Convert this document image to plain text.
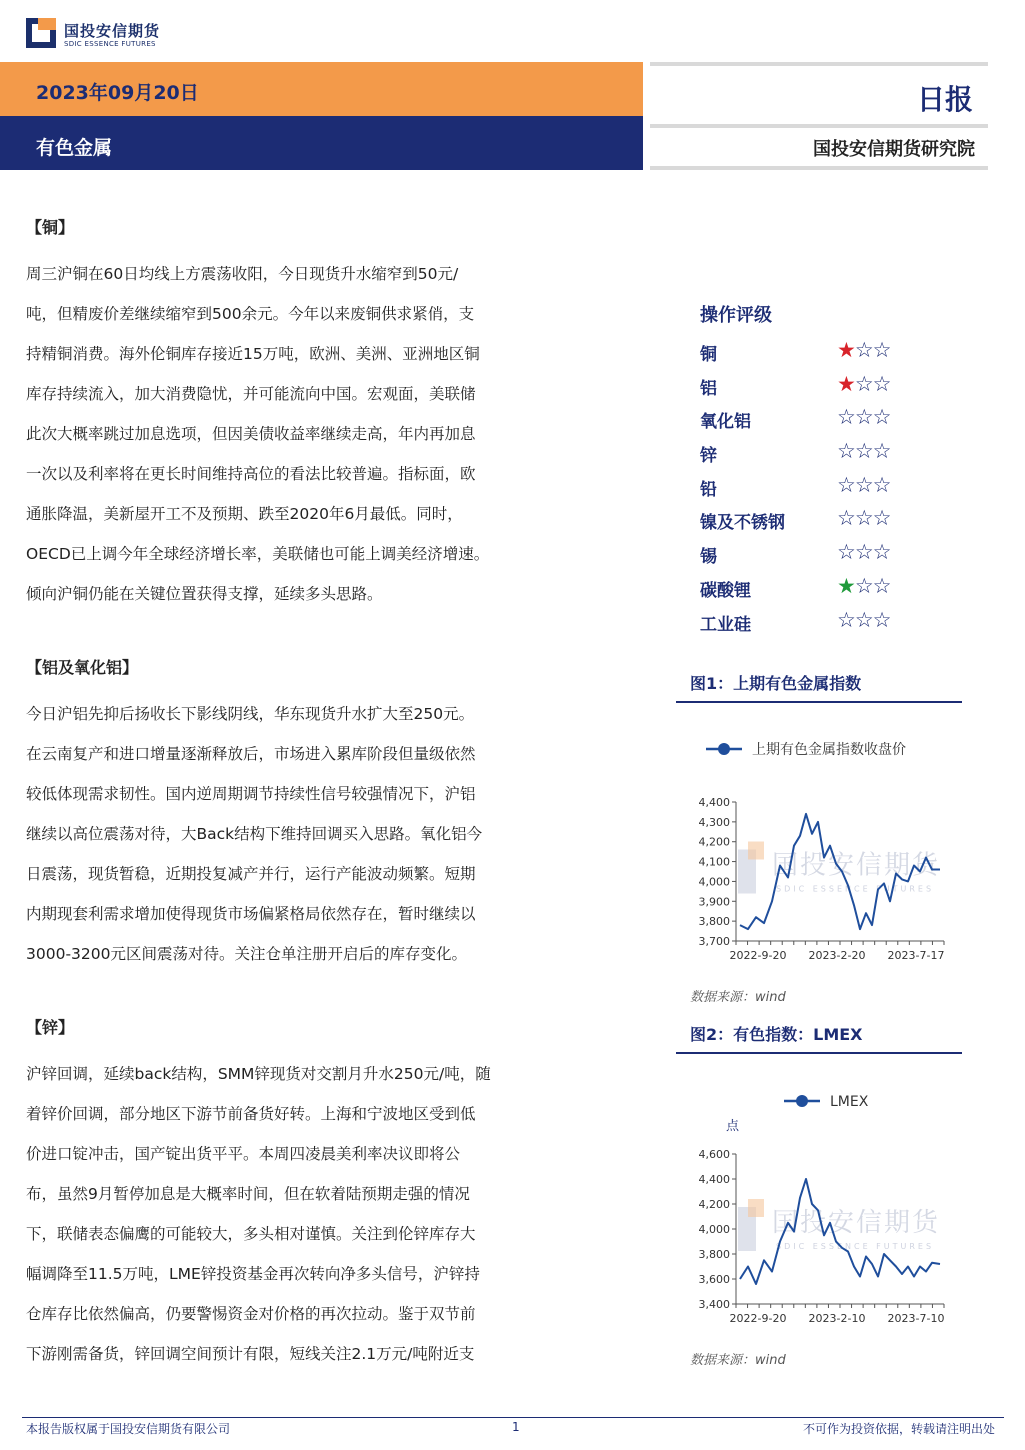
国投安信期货
SDIC ESSENCE FUTURES
2023年09月20日
有色金属
日报
国投安信期货研究院
【铜】
周三沪铜在60日均线上方震荡收阳，今日现货升水缩窄到50元/
吨，但精废价差继续缩窄到500余元。今年以来废铜供求紧俏，支
持精铜消费。海外伦铜库存接近15万吨，欧洲、美洲、亚洲地区铜
库存持续流入，加大消费隐忧，并可能流向中国。宏观面，美联储
此次大概率跳过加息选项，但因美债收益率继续走高，年内再加息
一次以及利率将在更长时间维持高位的看法比较普遍。指标面，欧
通胀降温，美新屋开工不及预期、跌至2020年6月最低。同时，
OECD已上调今年全球经济增长率，美联储也可能上调美经济增速。
倾向沪铜仍能在关键位置获得支撑，延续多头思路。
【铝及氧化铝】
今日沪铝先抑后扬收长下影线阴线，华东现货升水扩大至250元。
在云南复产和进口增量逐渐释放后，市场进入累库阶段但量级依然
较低体现需求韧性。国内逆周期调节持续性信号较强情况下，沪铝
继续以高位震荡对待，大Back结构下维持回调买入思路。氧化铝今
日震荡，现货暂稳，近期投复减产并行，运行产能波动频繁。短期
内期现套利需求增加使得现货市场偏紧格局依然存在，暂时继续以
3000-3200元区间震荡对待。关注仓单注册开启后的库存变化。
【锌】
沪锌回调，延续back结构，SMM锌现货对交割月升水250元/吨，随
着锌价回调，部分地区下游节前备货好转。上海和宁波地区受到低
价进口锭冲击，国产锭出货平平。本周四凌晨美利率决议即将公
布，虽然9月暂停加息是大概率时间，但在软着陆预期走强的情况
下，联储表态偏鹰的可能较大，多头相对谨慎。关注到伦锌库存大
幅调降至11.5万吨，LME锌投资基金再次转向净多头信号，沪锌持
仓库存比依然偏高，仍要警惕资金对价格的再次拉动。鉴于双节前
下游刚需备货，锌回调空间预计有限，短线关注2.1万元/吨附近支
操作评级
铜	★☆☆
铝	★☆☆
氧化铝	☆☆☆
锌	☆☆☆
铅	☆☆☆
镍及不锈钢 ☆☆☆
锡	☆☆☆
碳酸锂	★☆☆
工业硅	☆☆☆
图1：上期有色金属指数
上期有色金属指数收盘价
国投安信期货
SDIC ESSENCE FUTURES
4,400
4,300
4,200
4,100
4,000
3,900
3,800
3,700
2022-9-20 2023-2-20 2023-7-17
数据来源：wind
图2：有色指数：LMEX
LMEX
点
国投安信期货
SDIC ESSENCE FUTURES
4,600
4,400
4,200
4,000
3,800
3,600
3,400
2022-9-20 2023-2-10 2023-7-10
数据来源：wind
本报告版权属于国投安信期货有限公司	1	不可作为投资依据，转载请注明出处
